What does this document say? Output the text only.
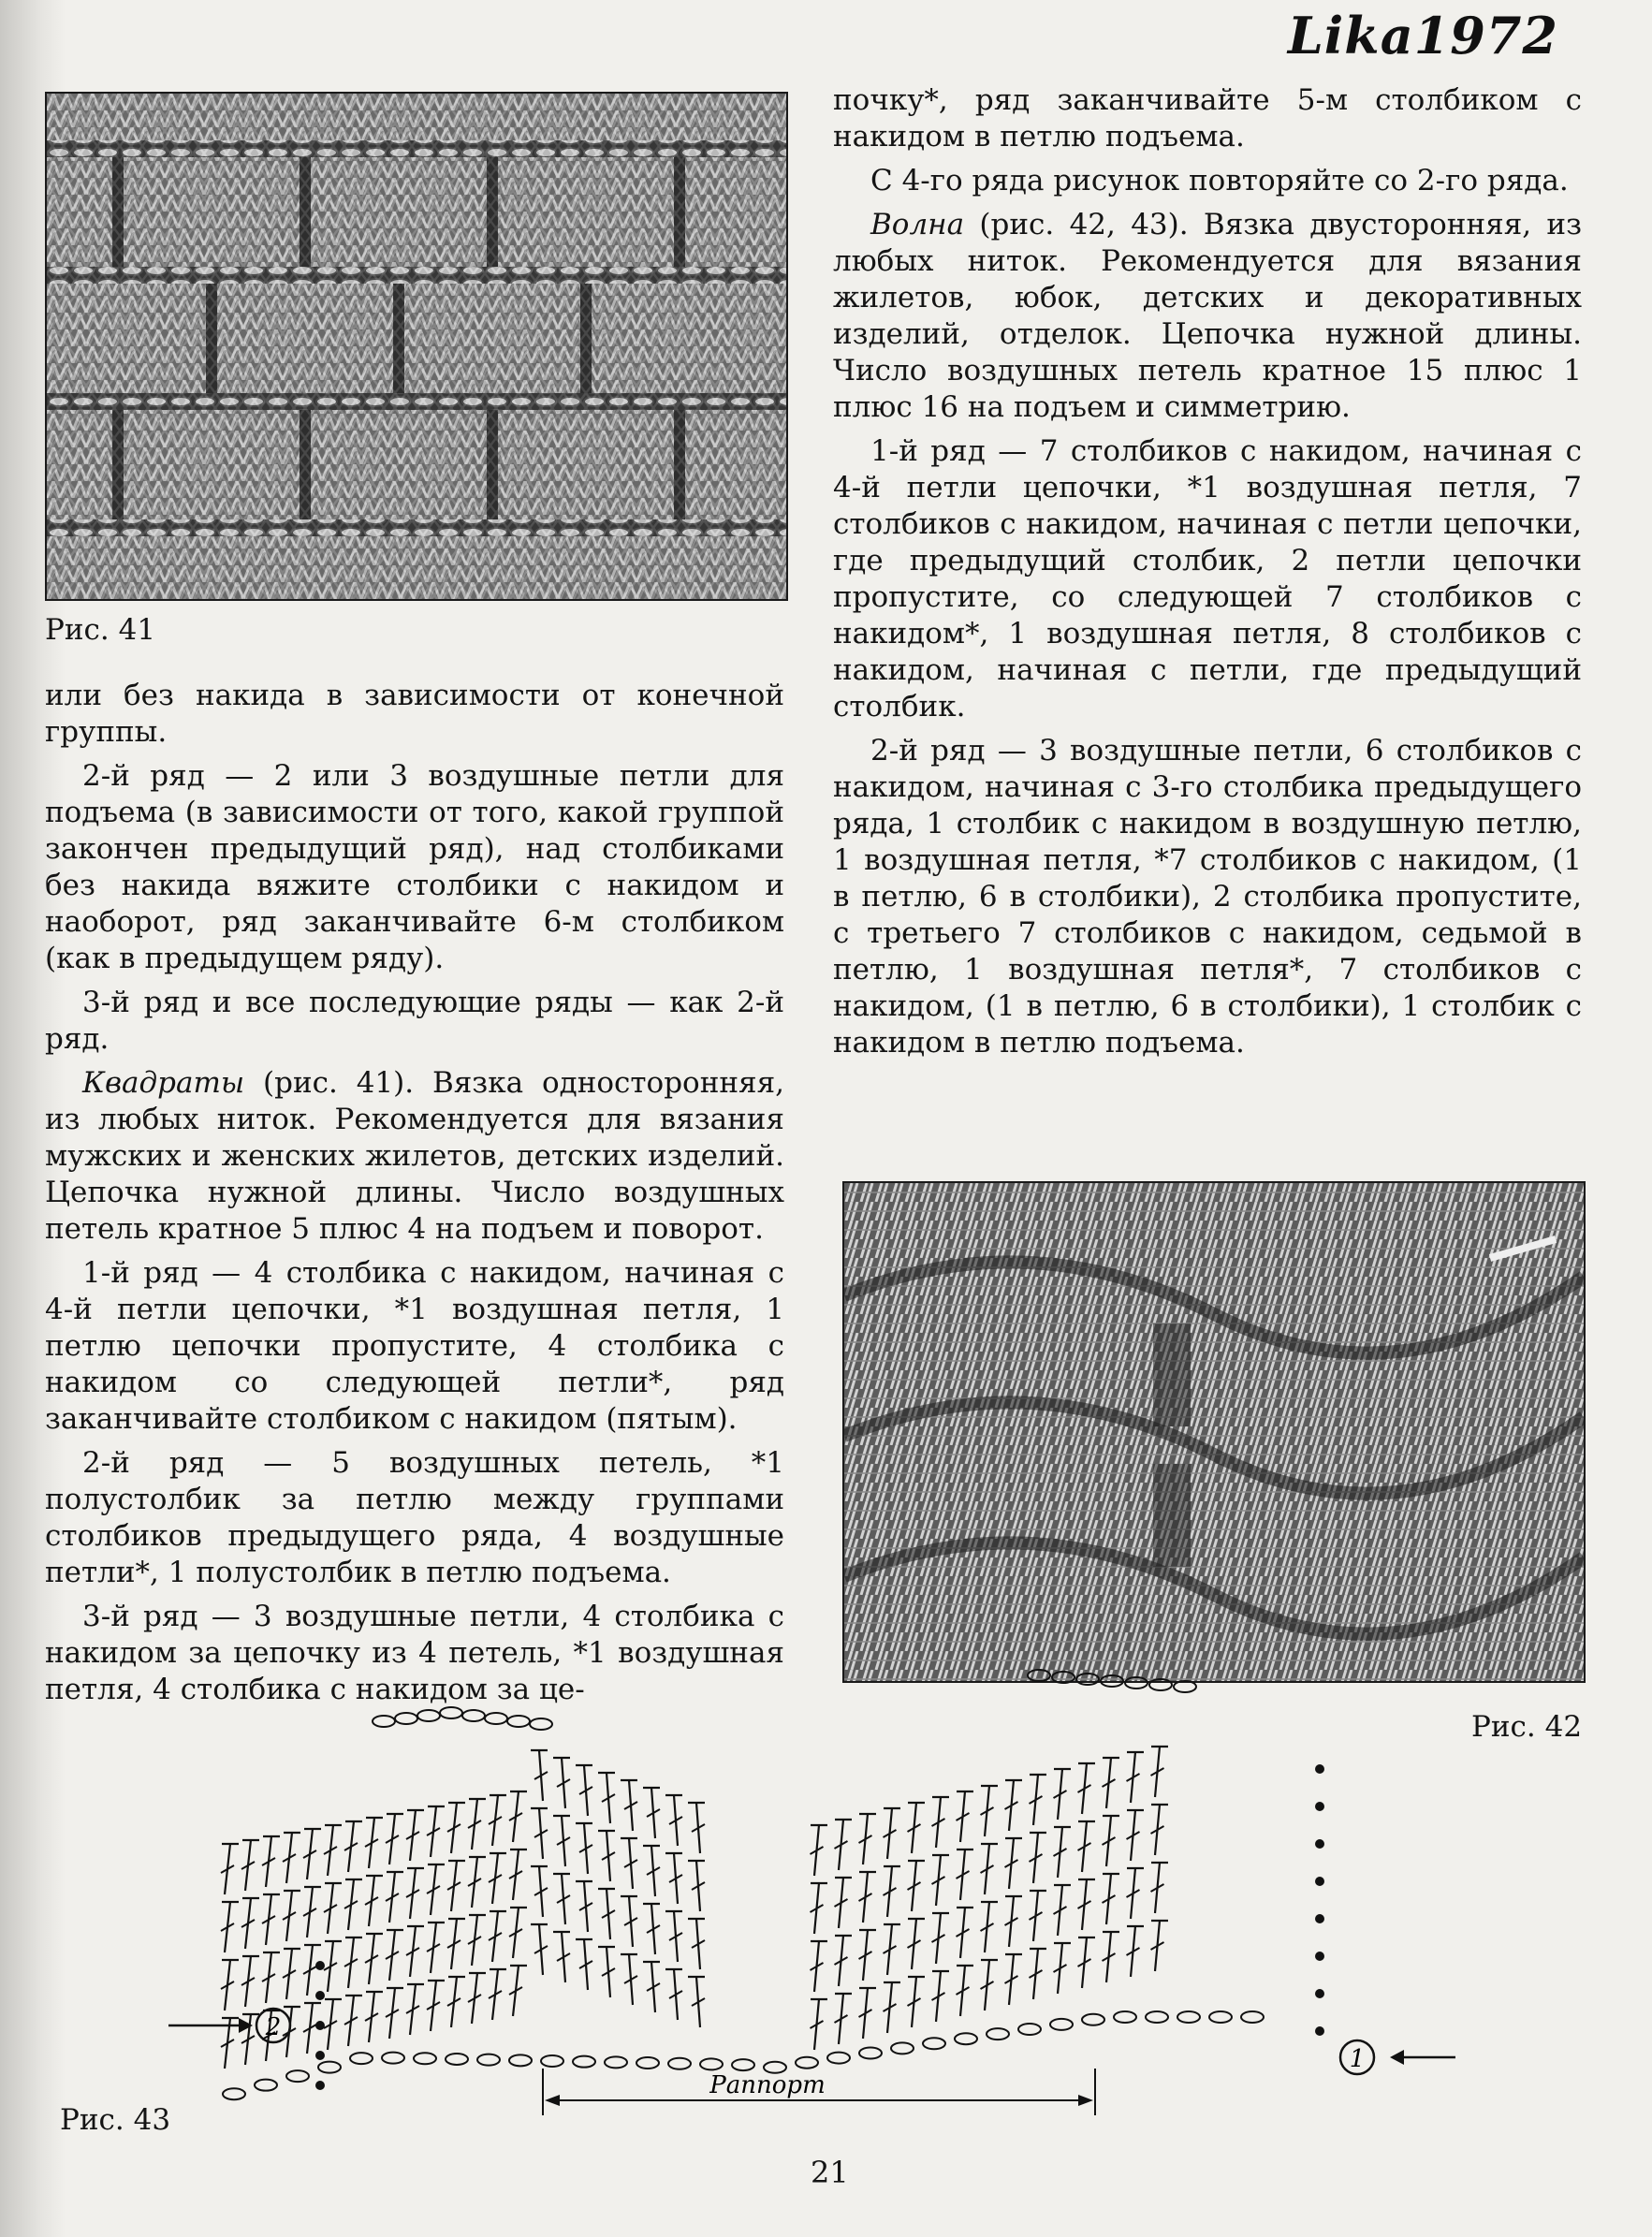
Lika1972
Рис. 41

или без накида в зависимости от конечной группы.

2-й ряд — 2 или 3 воздушные петли для подъема (в зависимости от того, какой группой закончен предыдущий ряд), над столбиками без накида вяжите столбики с накидом и наоборот, ряд заканчивайте 6-м столбиком (как в предыдущем ряду).

3-й ряд и все последующие ряды — как 2-й ряд.

Квадраты (рис. 41). Вязка односторонняя, из любых ниток. Рекомендуется для вязания мужских и женских жилетов, детских изделий. Цепочка нужной длины. Число воздушных петель кратное 5 плюс 4 на подъем и поворот.

1-й ряд — 4 столбика с накидом, начиная с 4-й петли цепочки, *1 воздушная петля, 1 петлю цепочки пропустите, 4 столбика с накидом со следующей петли*, ряд заканчивайте столбиком с накидом (пятым).

2-й ряд — 5 воздушных петель, *1 полустолбик за петлю между группами столбиков предыдущего ряда, 4 воздушные петли*, 1 полустолбик в петлю подъема.

3-й ряд — 3 воздушные петли, 4 столбика с накидом за цепочку из 4 петель, *1 воздушная петля, 4 столбика с накидом за це-

почку*, ряд заканчивайте 5-м столбиком с накидом в петлю подъема.

С 4-го ряда рисунок повторяйте со 2-го ряда.

Волна (рис. 42, 43). Вязка двусторонняя, из любых ниток. Рекомендуется для вязания жилетов, юбок, детских и декоративных изделий, отделок. Цепочка нужной длины. Число воздушных петель кратное 15 плюс 1 плюс 16 на подъем и симметрию.

1-й ряд — 7 столбиков с накидом, начиная с 4-й петли цепочки, *1 воздушная петля, 7 столбиков с накидом, начиная с петли цепочки, где предыдущий столбик, 2 петли цепочки пропустите, со следующей 7 столбиков с накидом*, 1 воздушная петля, 8 столбиков с накидом, начиная с петли, где предыдущий столбик.

2-й ряд — 3 воздушные петли, 6 столбиков с накидом, начиная с 3-го столбика предыдущего ряда, 1 столбик с накидом в воздушную петлю, 1 воздушная петля, *7 столбиков с накидом, (1 в петлю, 6 в столбики), 2 столбика пропустите, с третьего 7 столбиков с накидом, седьмой в петлю, 1 воздушная петля*, 7 столбиков с накидом, (1 в петлю, 6 в столбики), 1 столбик с накидом в петлю подъема.

Рис. 42
2
1
Раппорт
Рис. 43
21
